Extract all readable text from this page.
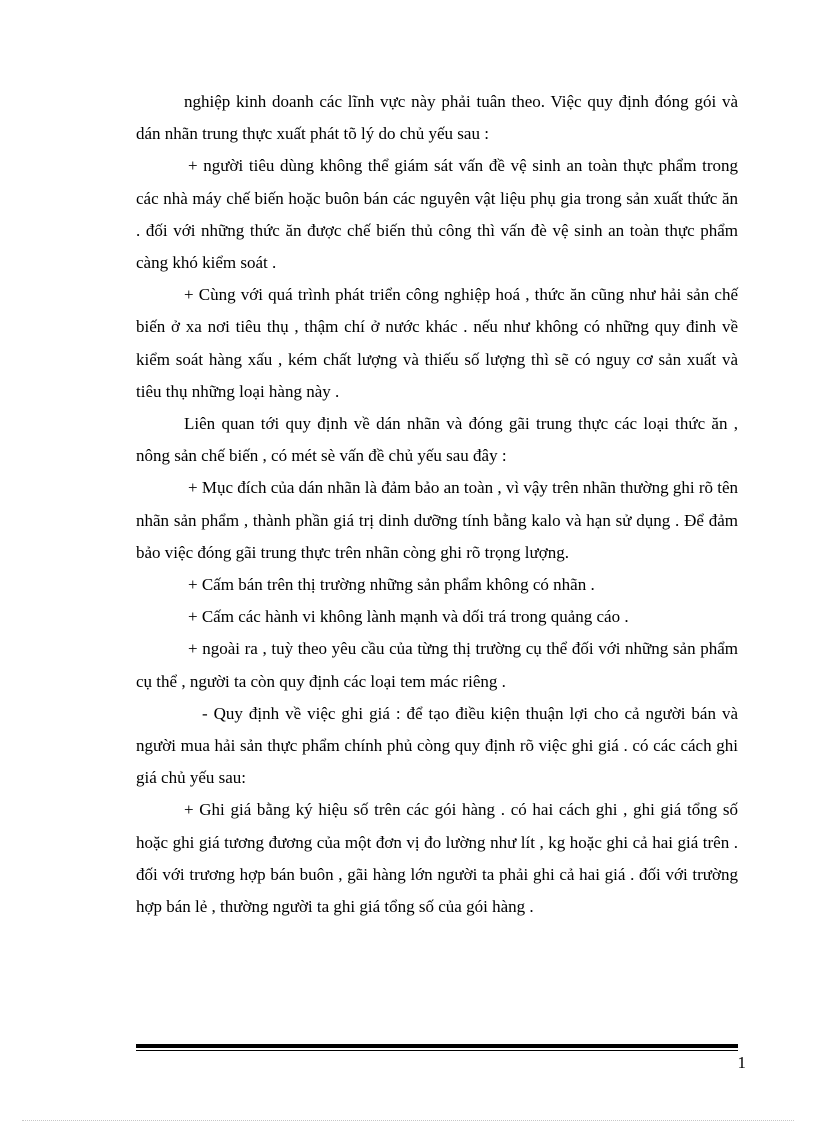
nghiệp kinh doanh các lĩnh vực này phải tuân theo. Việc quy định đóng gói và dán nhãn trung thực xuất phát tõ lý do chủ yếu sau :

+ người tiêu dùng không thể giám sát vấn đề vệ sinh an toàn thực phẩm trong các nhà máy chế biến hoặc buôn bán các nguyên vật liệu phụ gia trong sản xuất thức ăn . đối với những thức ăn được chế biến thủ công thì vấn đè vệ sinh an toàn thực phẩm càng khó kiểm soát .

+ Cùng với quá trình phát triển công nghiệp hoá , thức ăn cũng như hải sản chế biến ở xa nơi tiêu thụ , thậm chí ở nước khác . nếu như không có những quy đinh về kiểm soát hàng xấu , kém chất lượng và thiếu số lượng thì sẽ có nguy cơ sản xuất và tiêu thụ những loại hàng này .

Liên quan tới quy định về dán nhãn và đóng gãi trung thực các loại thức ăn , nông sản chế biến , có mét sè vấn đề chủ yếu sau đây :

+ Mục đích của dán nhãn là đảm bảo an toàn , vì vậy trên nhãn thường ghi rõ tên nhãn sản phẩm , thành phần giá trị dinh dưỡng tính bằng kalo và hạn sử dụng . Để đảm bảo việc đóng gãi trung thực trên nhãn còng ghi rõ trọng lượng.

+ Cấm bán trên thị trường những sản phẩm không có nhãn .

+ Cấm các hành vi không lành mạnh và dối trá trong quảng cáo .

+ ngoài ra , tuỳ theo yêu cầu của từng thị trường cụ thể đối với những sản phẩm cụ thể , người ta còn quy định các loại tem mác riêng .

- Quy định về việc ghi giá : để tạo điều kiện thuận lợi cho cả người bán và người mua hải sản thực phẩm chính phủ còng quy định rõ việc ghi giá . có các cách ghi giá chủ yếu sau:

+ Ghi giá bằng ký hiệu số trên các gói hàng . có hai cách ghi , ghi giá tổng số hoặc ghi giá tương đương của một đơn vị đo lường như lít , kg hoặc ghi cả hai giá trên . đối với trương hợp bán buôn , gãi hàng lớn người ta phải ghi cả hai giá . đối với trường hợp bán lẻ , thường người ta ghi giá tổng số của gói hàng .

1
